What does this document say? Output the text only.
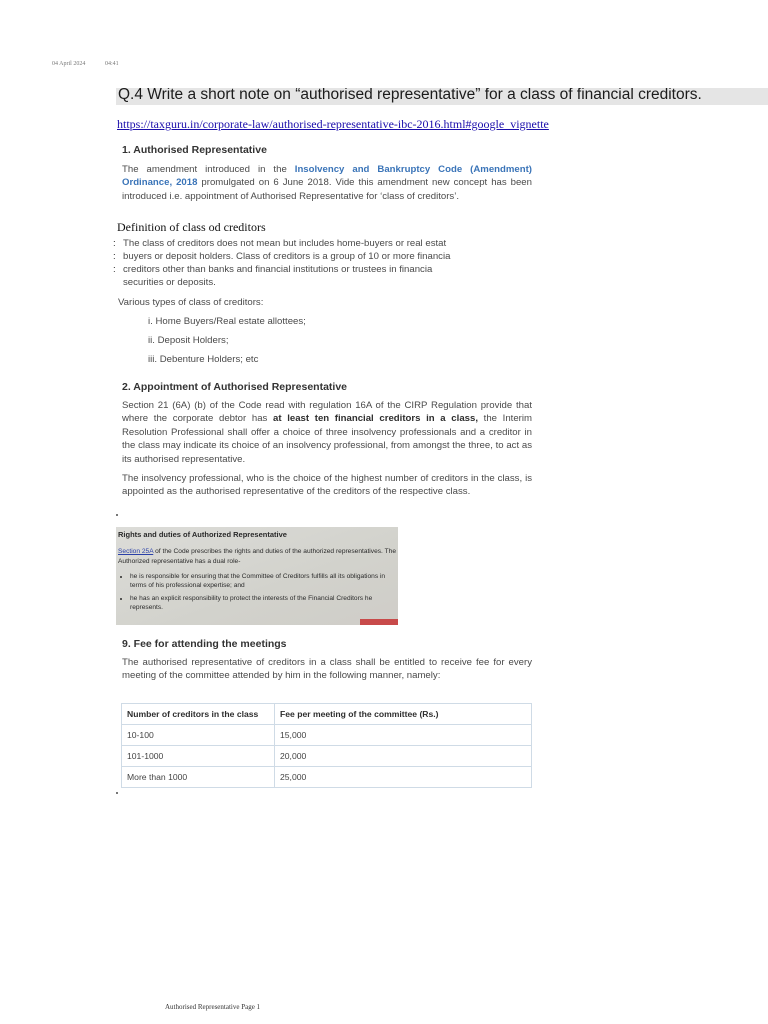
04 April 2024	04:41
Q.4 Write a short note on “authorised representative” for a class of financial creditors.
https://taxguru.in/corporate-law/authorised-representative-ibc-2016.html#google_vignette
1. Authorised Representative
The amendment introduced in the Insolvency and Bankruptcy Code (Amendment) Ordinance, 2018 promulgated on 6 June 2018. Vide this amendment new concept has been introduced i.e. appointment of Authorised Representative for ‘class of creditors’.
Definition of class od creditors
: The class of creditors does not mean but includes home-buyers or real estat
: buyers or deposit holders. Class of creditors is a group of 10 or more financia
: creditors other than banks and financial institutions or trustees in financia
securities or deposits.
Various types of class of creditors:
i. Home Buyers/Real estate allottees;
ii. Deposit Holders;
iii. Debenture Holders; etc
2. Appointment of Authorised Representative
Section 21 (6A) (b) of the Code read with regulation 16A of the CIRP Regulation provide that where the corporate debtor has at least ten financial creditors in a class, the Interim Resolution Professional shall offer a choice of three insolvency professionals and a creditor in the class may indicate its choice of an insolvency professional, from amongst the three, to act as its authorised representative.
The insolvency professional, who is the choice of the highest number of creditors in the class, is appointed as the authorised representative of the creditors of the respective class.
Rights and duties of Authorized Representative
Section 25A of the Code prescribes the rights and duties of the authorized representatives. The Authorized representative has a dual role-
• he is responsible for ensuring that the Committee of Creditors fulfills all its obligations in terms of his professional expertise; and
• he has an explicit responsibility to protect the interests of the Financial Creditors he represents.
9. Fee for attending the meetings
The authorised representative of creditors in a class shall be entitled to receive fee for every meeting of the committee attended by him in the following manner, namely:
Number of creditors in the class	Fee per meeting of the committee (Rs.)
10-100	15,000
101-1000	20,000
More than 1000	25,000
Authorised Representative Page 1
